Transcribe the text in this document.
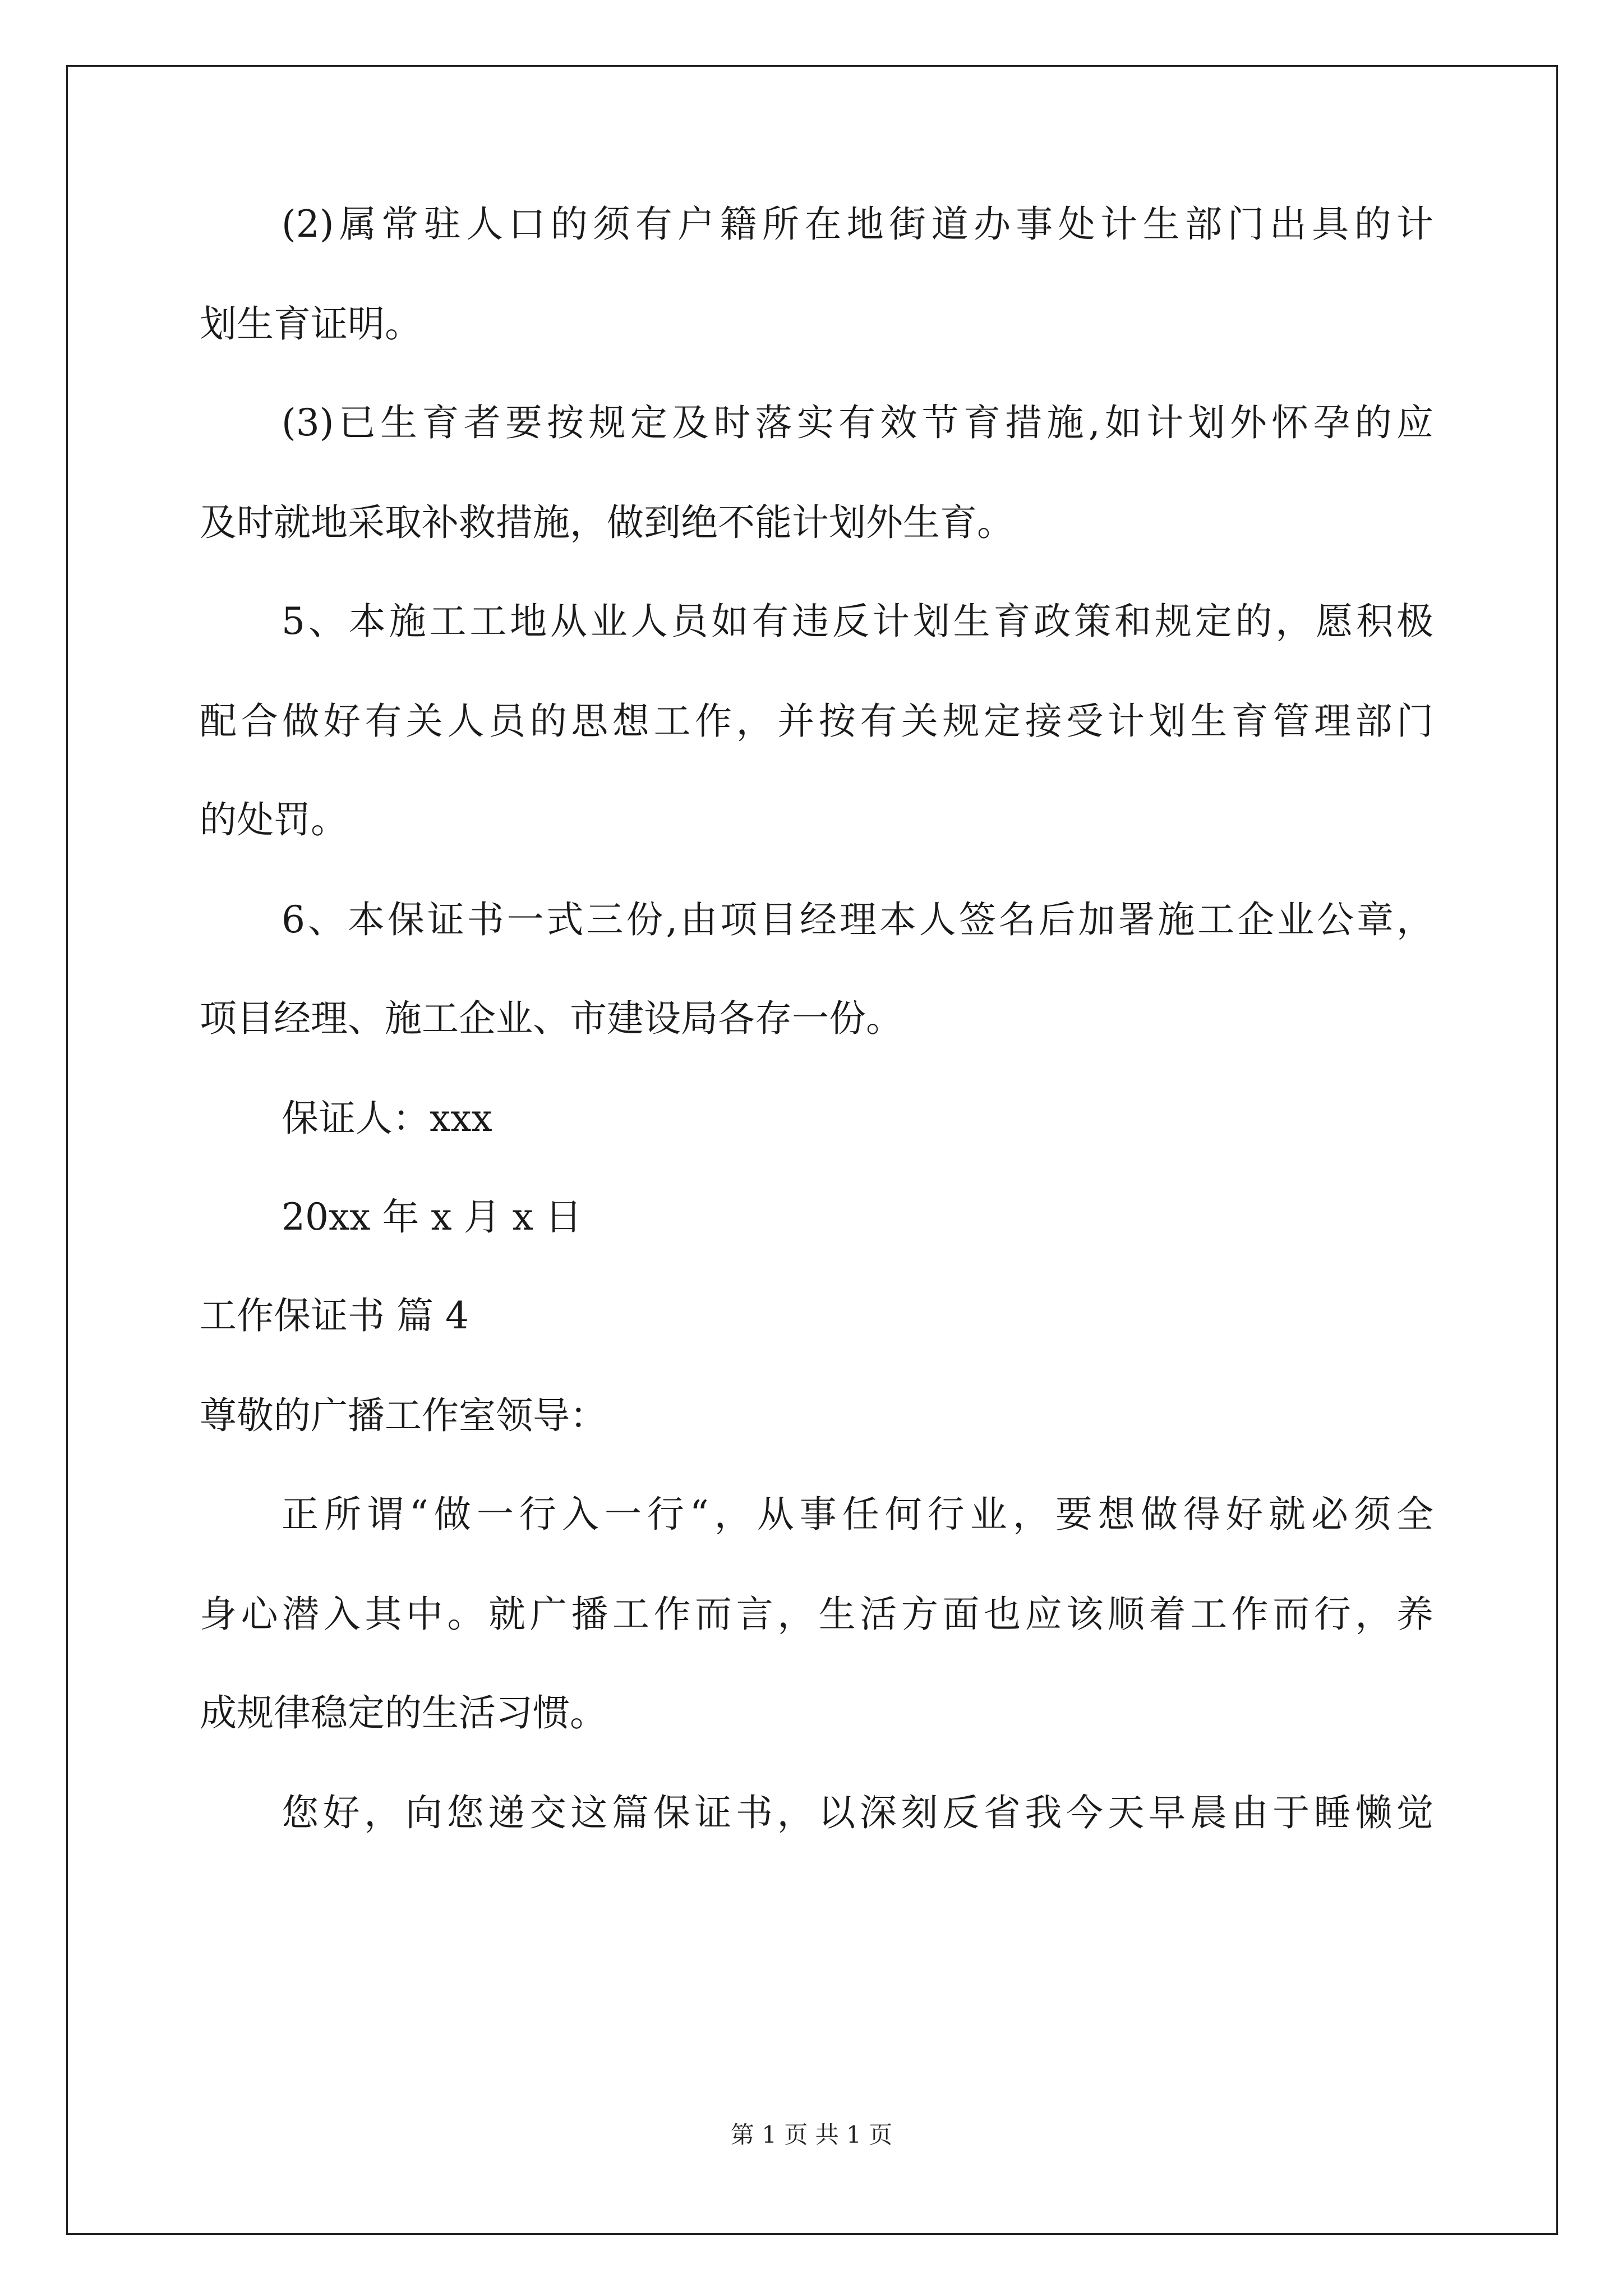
(2)属常驻人口的须有户籍所在地街道办事处计生部门出具的计
划生育证明。
(3)已生育者要按规定及时落实有效节育措施,如计划外怀孕的应
及时就地采取补救措施，做到绝不能计划外生育。
5、本施工工地从业人员如有违反计划生育政策和规定的，愿积极
配合做好有关人员的思想工作，并按有关规定接受计划生育管理部门
的处罚。
6、本保证书一式三份,由项目经理本人签名后加署施工企业公章，
项目经理、施工企业、市建设局各存一份。
保证人：xxx
20xx 年 x 月 x 日
工作保证书 篇 4
尊敬的广播工作室领导：
正所谓“做一行入一行“，从事任何行业，要想做得好就必须全
身心潜入其中。就广播工作而言，生活方面也应该顺着工作而行，养
成规律稳定的生活习惯。
您好，向您递交这篇保证书，以深刻反省我今天早晨由于睡懒觉
第 1 页 共 1 页
